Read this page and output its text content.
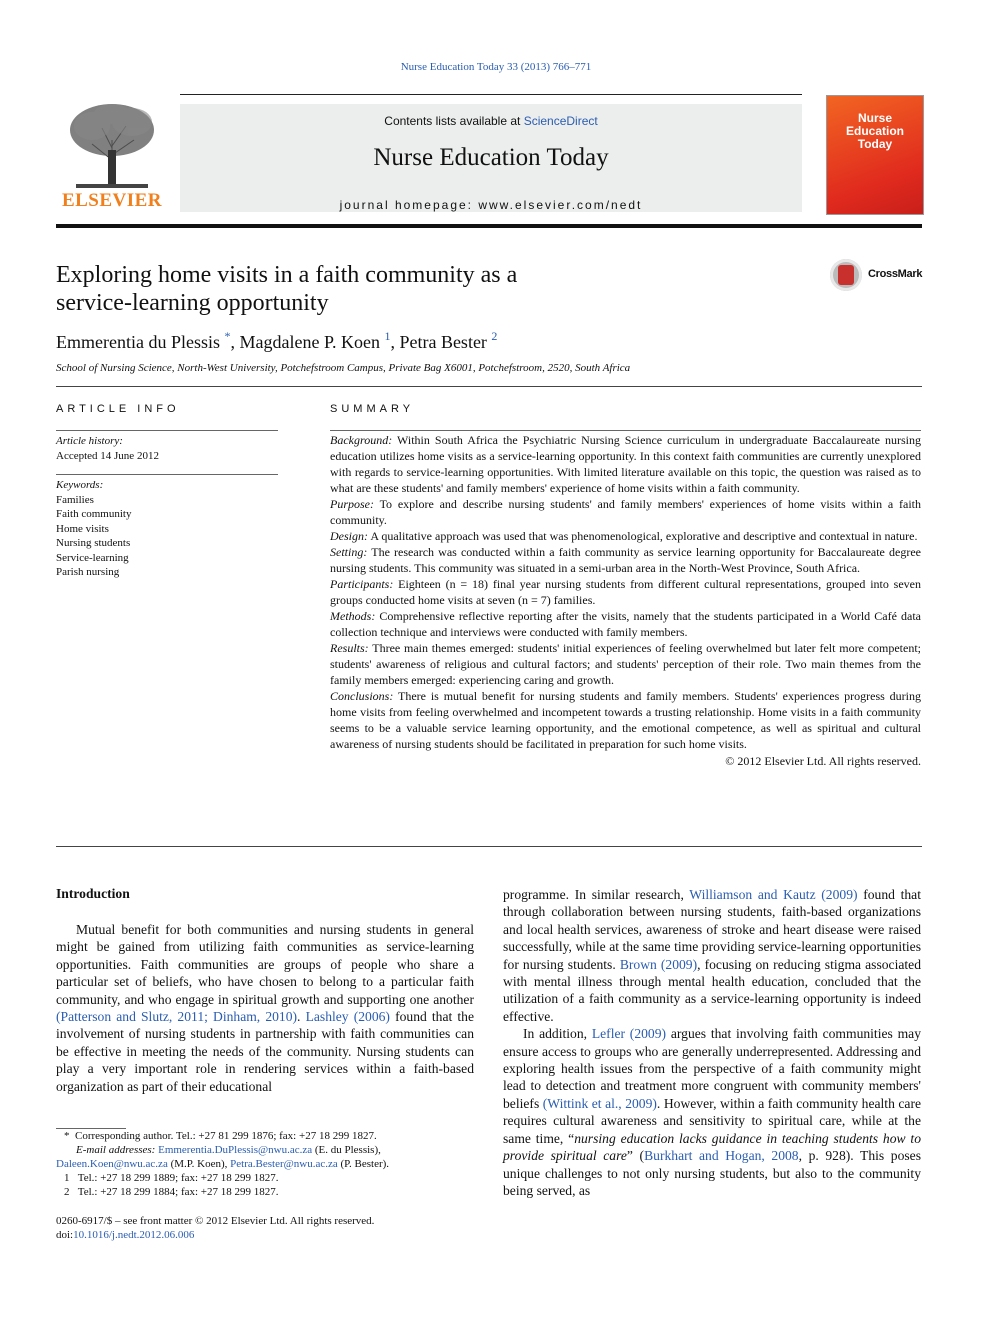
Nurse Education Today 33 (2013) 766–771
ELSEVIER
Contents lists available at ScienceDirect
Nurse Education Today
journal homepage: www.elsevier.com/nedt
Nurse
Education
Today
Exploring home visits in a faith community as a
service-learning opportunity
CrossMark
Emmerentia du Plessis *, Magdalene P. Koen $^1$, Petra Bester $^2$
School of Nursing Science, North-West University, Potchefstroom Campus, Private Bag X6001, Potchefstroom, 2520, South Africa
ARTICLE INFO
Article history:
Accepted 14 June 2012
Keywords:
Families
Faith community
Home visits
Nursing students
Service-learning
Parish nursing
SUMMARY

Background: Within South Africa the Psychiatric Nursing Science curriculum in undergraduate Baccalaureate nursing education utilizes home visits as a service-learning opportunity. In this context faith communities are currently unexplored with regards to service-learning opportunities. With limited literature available on this topic, the question was raised as to what are these students' and family members' experience of home visits within a faith community.

Purpose: To explore and describe nursing students' and family members' experiences of home visits within a faith community.

Design: A qualitative approach was used that was phenomenological, explorative and descriptive and contextual in nature.

Setting: The research was conducted within a faith community as service learning opportunity for Baccalaureate degree nursing students. This community was situated in a semi-urban area in the North-West Province, South Africa.

Participants: Eighteen (n = 18) final year nursing students from different cultural representations, grouped into seven groups conducted home visits at seven (n = 7) families.

Methods: Comprehensive reflective reporting after the visits, namely that the students participated in a World Café data collection technique and interviews were conducted with family members.

Results: Three main themes emerged: students' initial experiences of feeling overwhelmed but later felt more competent; students' awareness of religious and cultural factors; and students' perception of their role. Two main themes from the family members emerged: experiencing caring and growth.

Conclusions: There is mutual benefit for nursing students and family members. Students' experiences progress during home visits from feeling overwhelmed and incompetent towards a trusting relationship. Home visits in a faith community seems to be a valuable service learning opportunity, and the emotional competence, as well as spiritual and cultural awareness of nursing students should be facilitated in preparation for such home visits.

© 2012 Elsevier Ltd. All rights reserved.

Introduction

Mutual benefit for both communities and nursing students in general might be gained from utilizing faith communities as service-learning opportunities. Faith communities are groups of people who share a particular set of beliefs, who have chosen to belong to a particular faith community, and who engage in spiritual growth and supporting one another (Patterson and Slutz, 2011; Dinham, 2010). Lashley (2006) found that the involvement of nursing students in partnership with faith communities can be effective in meeting the needs of the community. Nursing students can play a very important role in rendering services within a faith-based organization as part of their educational

programme. In similar research, Williamson and Kautz (2009) found that through collaboration between nursing students, faith-based organizations and local health services, awareness of stroke and heart disease were raised successfully, while at the same time providing service-learning opportunities for nursing students. Brown (2009), focusing on reducing stigma associated with mental illness through mental health education, concluded that the utilization of a faith community as a service-learning opportunity is indeed effective.

In addition, Lefler (2009) argues that involving faith communities may ensure access to groups who are generally underrepresented. Addressing and exploring health issues from the perspective of a faith community might lead to detection and treatment more congruent with community members' beliefs (Wittink et al., 2009). However, within a faith community health care requires cultural awareness and sensitivity to spiritual care, while at the same time, “nursing education lacks guidance in teaching students how to provide spiritual care” (Burkhart and Hogan, 2008, p. 928). This poses unique challenges to not only nursing students, but also to the community being served, as

* Corresponding author. Tel.: +27 81 299 1876; fax: +27 18 299 1827.

E-mail addresses: Emmerentia.DuPlessis@nwu.ac.za (E. du Plessis),

Daleen.Koen@nwu.ac.za (M.P. Koen), Petra.Bester@nwu.ac.za (P. Bester).

1 Tel.: +27 18 299 1889; fax: +27 18 299 1827.

2 Tel.: +27 18 299 1884; fax: +27 18 299 1827.

0260-6917/$ – see front matter © 2012 Elsevier Ltd. All rights reserved.

doi:10.1016/j.nedt.2012.06.006
